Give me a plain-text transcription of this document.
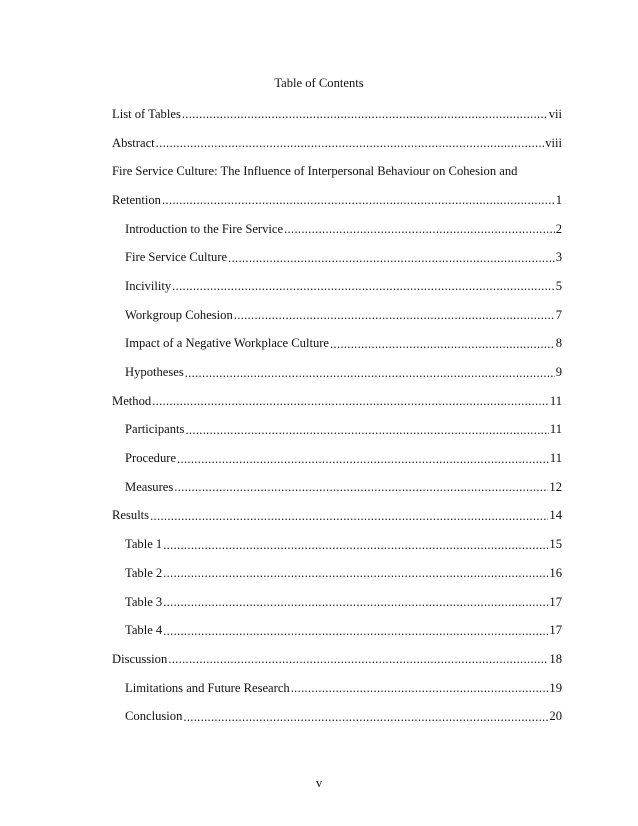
Table of Contents
List of Tables .....	vii
Abstract .....	viii
Fire Service Culture: The Influence of Interpersonal Behaviour on Cohesion and
Retention .....	1
Introduction to the Fire Service .....	2
Fire Service Culture .....	3
Incivility .....	5
Workgroup Cohesion .....	7
Impact of a Negative Workplace Culture .....	8
Hypotheses .....	9
Method .....	11
Participants .....	11
Procedure .....	11
Measures .....	12
Results .....	14
Table 1 .....	15
Table 2 .....	16
Table 3 .....	17
Table 4 .....	17
Discussion .....	18
Limitations and Future Research .....	19
Conclusion .....	20
v
